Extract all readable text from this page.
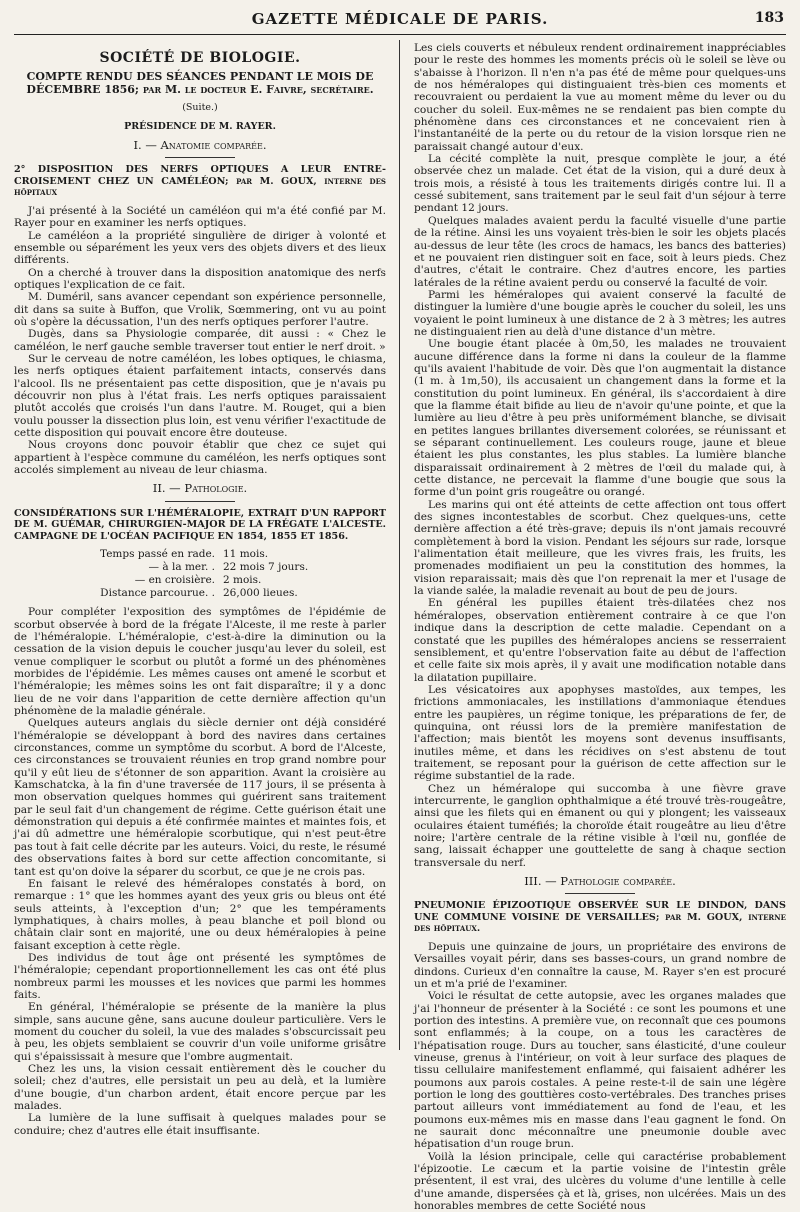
GAZETTE MÉDICALE DE PARIS.	183
SOCIÉTÉ DE BIOLOGIE.
COMPTE RENDU DES SÉANCES PENDANT LE MOIS DE DÉCEMBRE 1856; par M. le docteur E. Faivre, secrétaire.
(Suite.)
PRÉSIDENCE DE M. RAYER.
I. — Anatomie comparée.

2° DISPOSITION DES NERFS OPTIQUES A LEUR ENTRE-CROISEMENT CHEZ UN CAMÉLÉON; par M. GOUX, interne des hôpitaux

J'ai présenté à la Société un caméléon qui m'a été confié par M. Rayer pour en examiner les nerfs optiques.

Le caméléon a la propriété singulière de diriger à volonté et ensemble ou séparément les yeux vers des objets divers et des lieux différents.

On a cherché à trouver dans la disposition anatomique des nerfs optiques l'explication de ce fait.

M. Duméril, sans avancer cependant son expérience personnelle, dit dans sa suite à Buffon, que Vrolik, Sœmmering, ont vu au point où s'opère la décussation, l'un des nerfs optiques perforer l'autre.

Dugès, dans sa Physiologie comparée, dit aussi : « Chez le caméléon, le nerf gauche semble traverser tout entier le nerf droit. »

Sur le cerveau de notre caméléon, les lobes optiques, le chiasma, les nerfs optiques étaient parfaitement intacts, conservés dans l'alcool. Ils ne présentaient pas cette disposition, que je n'avais pu découvrir non plus à l'état frais. Les nerfs optiques paraissaient plutôt accolés que croisés l'un dans l'autre. M. Rouget, qui a bien voulu pousser la dissection plus loin, est venu vérifier l'exactitude de cette disposition qui pouvait encore être douteuse.

Nous croyons donc pouvoir établir que chez ce sujet qui appartient à l'espèce commune du caméléon, les nerfs optiques sont accolés simplement au niveau de leur chiasma.

II. — Pathologie.

CONSIDÉRATIONS SUR L'HÉMÉRALOPIE, EXTRAIT D'UN RAPPORT DE M. GUÉMAR, CHIRURGIEN-MAJOR DE LA FRÉGATE L'ALCESTE. CAMPAGNE DE L'OCÉAN PACIFIQUE EN 1854, 1855 ET 1856.

Temps passé en rade. 11 mois.
— à la mer. . 22 mois 7 jours.
— en croisière. 2 mois.
Distance parcourue. . 26,000 lieues.

Pour compléter l'exposition des symptômes de l'épidémie de scorbut observée à bord de la frégate l'Alceste, il me reste à parler de l'héméralopie. L'héméralopie, c'est-à-dire la diminution ou la cessation de la vision depuis le coucher jusqu'au lever du soleil, est venue compliquer le scorbut ou plutôt a formé un des phénomènes morbides de l'épidémie. Les mêmes causes ont amené le scorbut et l'héméralopie; les mêmes soins les ont fait disparaître; il y a donc lieu de ne voir dans l'apparition de cette dernière affection qu'un phénomène de la maladie générale.

Quelques auteurs anglais du siècle dernier ont déjà considéré l'héméralopie se développant à bord des navires dans certaines circonstances, comme un symptôme du scorbut. A bord de l'Alceste, ces circonstances se trouvaient réunies en trop grand nombre pour qu'il y eût lieu de s'étonner de son apparition. Avant la croisière au Kamschatcka, à la fin d'une traversée de 117 jours, il se présenta à mon observation quelques hommes qui guérirent sans traitement par le seul fait d'un changement de régime. Cette guérison était une démonstration qui depuis a été confirmée maintes et maintes fois, et j'ai dû admettre une héméralopie scorbutique, qui n'est peut-être pas tout à fait celle décrite par les auteurs. Voici, du reste, le résumé des observations faites à bord sur cette affection concomitante, si tant est qu'on doive la séparer du scorbut, ce que je ne crois pas.

En faisant le relevé des héméralopes constatés à bord, on remarque : 1° que les hommes ayant des yeux gris ou bleus ont été seuls atteints, à l'exception d'un; 2° que les tempéraments lymphatiques, à chairs molles, à peau blanche et poil blond ou châtain clair sont en majorité, une ou deux héméralopies à peine faisant exception à cette règle.

Des individus de tout âge ont présenté les symptômes de l'héméralopie; cependant proportionnellement les cas ont été plus nombreux parmi les mousses et les novices que parmi les hommes faits.

En général, l'héméralopie se présente de la manière la plus simple, sans aucune gêne, sans aucune douleur particulière. Vers le moment du coucher du soleil, la vue des malades s'obscurcissait peu à peu, les objets semblaient se couvrir d'un voile uniforme grisâtre qui s'épaississait à mesure que l'ombre augmentait.

Chez les uns, la vision cessait entièrement dès le coucher du soleil; chez d'autres, elle persistait un peu au delà, et la lumière d'une bougie, d'un charbon ardent, était encore perçue par les malades.

La lumière de la lune suffisait à quelques malades pour se conduire; chez d'autres elle était insuffisante.

Les ciels couverts et nébuleux rendent ordinairement inappréciables pour le reste des hommes les moments précis où le soleil se lève ou s'abaisse à l'horizon. Il n'en n'a pas été de même pour quelques-uns de nos héméralopes qui distinguaient très-bien ces moments et recouvraient ou perdaient la vue au moment même du lever ou du coucher du soleil. Eux-mêmes ne se rendaient pas bien compte du phénomène dans ces circonstances et ne concevaient rien à l'instantanéité de la perte ou du retour de la vision lorsque rien ne paraissait changé autour d'eux.

La cécité complète la nuit, presque complète le jour, a été observée chez un malade. Cet état de la vision, qui a duré deux à trois mois, a résisté à tous les traitements dirigés contre lui. Il a cessé subitement, sans traitement par le seul fait d'un séjour à terre pendant 12 jours.

Quelques malades avaient perdu la faculté visuelle d'une partie de la rétine. Ainsi les uns voyaient très-bien le soir les objets placés au-dessus de leur tête (les crocs de hamacs, les bancs des batteries) et ne pouvaient rien distinguer soit en face, soit à leurs pieds. Chez d'autres, c'était le contraire. Chez d'autres encore, les parties latérales de la rétine avaient perdu ou conservé la faculté de voir.

Parmi les héméralopes qui avaient conservé la faculté de distinguer la lumière d'une bougie après le coucher du soleil, les uns voyaient le point lumineux à une distance de 2 à 3 mètres; les autres ne distinguaient rien au delà d'une distance d'un mètre.

Une bougie étant placée à 0m,50, les malades ne trouvaient aucune différence dans la forme ni dans la couleur de la flamme qu'ils avaient l'habitude de voir. Dès que l'on augmentait la distance (1 m. à 1m,50), ils accusaient un changement dans la forme et la constitution du point lumineux. En général, ils s'accordaient à dire que la flamme était bifide au lieu de n'avoir qu'une pointe, et que la lumière au lieu d'être à peu près uniformément blanche, se divisait en petites langues brillantes diversement colorées, se réunissant et se séparant continuellement. Les couleurs rouge, jaune et bleue étaient les plus constantes, les plus stables. La lumière blanche disparaissait ordinairement à 2 mètres de l'œil du malade qui, à cette distance, ne percevait la flamme d'une bougie que sous la forme d'un point gris rougeâtre ou orangé.

Les marins qui ont été atteints de cette affection ont tous offert des signes incontestables de scorbut. Chez quelques-uns, cette dernière affection a été très-grave; depuis ils n'ont jamais recouvré complètement à bord la vision. Pendant les séjours sur rade, lorsque l'alimentation était meilleure, que les vivres frais, les fruits, les promenades modifiaient un peu la constitution des hommes, la vision reparaissait; mais dès que l'on reprenait la mer et l'usage de la viande salée, la maladie revenait au bout de peu de jours.

En général les pupilles étaient très-dilatées chez nos héméralopes, observation entièrement contraire à ce que l'on indique dans la description de cette maladie. Cependant on a constaté que les pupilles des héméralopes anciens se resserraient sensiblement, et qu'entre l'observation faite au début de l'affection et celle faite six mois après, il y avait une modification notable dans la dilatation pupillaire.

Les vésicatoires aux apophyses mastoïdes, aux tempes, les frictions ammoniacales, les instillations d'ammoniaque étendues entre les paupières, un régime tonique, les préparations de fer, de quinquina, ont réussi lors de la première manifestation de l'affection; mais bientôt les moyens sont devenus insuffisants, inutiles même, et dans les récidives on s'est abstenu de tout traitement, se reposant pour la guérison de cette affection sur le régime substantiel de la rade.

Chez un héméralope qui succomba à une fièvre grave intercurrente, le ganglion ophthalmique a été trouvé très-rougeâtre, ainsi que les filets qui en émanent ou qui y plongent; les vaisseaux oculaires étaient tuméfiés; la choroïde était rougeâtre au lieu d'être noire; l'artère centrale de la rétine visible à l'œil nu, gonflée de sang, laissait échapper une gouttelette de sang à chaque section transversale du nerf.

III. — Pathologie comparée.

PNEUMONIE ÉPIZOOTIQUE OBSERVÉE SUR LE DINDON, DANS UNE COMMUNE VOISINE DE VERSAILLES; par M. GOUX, interne des hôpitaux.

Depuis une quinzaine de jours, un propriétaire des environs de Versailles voyait périr, dans ses basses-cours, un grand nombre de dindons. Curieux d'en connaître la cause, M. Rayer s'en est procuré un et m'a prié de l'examiner.

Voici le résultat de cette autopsie, avec les organes malades que j'ai l'honneur de présenter à la Société : ce sont les poumons et une portion des intestins. A première vue, on reconnaît que ces poumons sont enflammés; à la coupe, on a tous les caractères de l'hépatisation rouge. Durs au toucher, sans élasticité, d'une couleur vineuse, grenus à l'intérieur, on voit à leur surface des plaques de tissu cellulaire manifestement enflammé, qui faisaient adhérer les poumons aux parois costales. A peine reste-t-il de sain une légère portion le long des gouttières costo-vertébrales. Des tranches prises partout ailleurs vont immédiatement au fond de l'eau, et les poumons eux-mêmes mis en masse dans l'eau gagnent le fond. On ne saurait donc méconnaître une pneumonie double avec hépatisation d'un rouge brun.

Voilà la lésion principale, celle qui caractérise probablement l'épizootie. Le cæcum et la partie voisine de l'intestin grêle présentent, il est vrai, des ulcères du volume d'une lentille à celle d'une amande, dispersées çà et là, grises, non ulcérées. Mais un des honorables membres de cette Société nous
